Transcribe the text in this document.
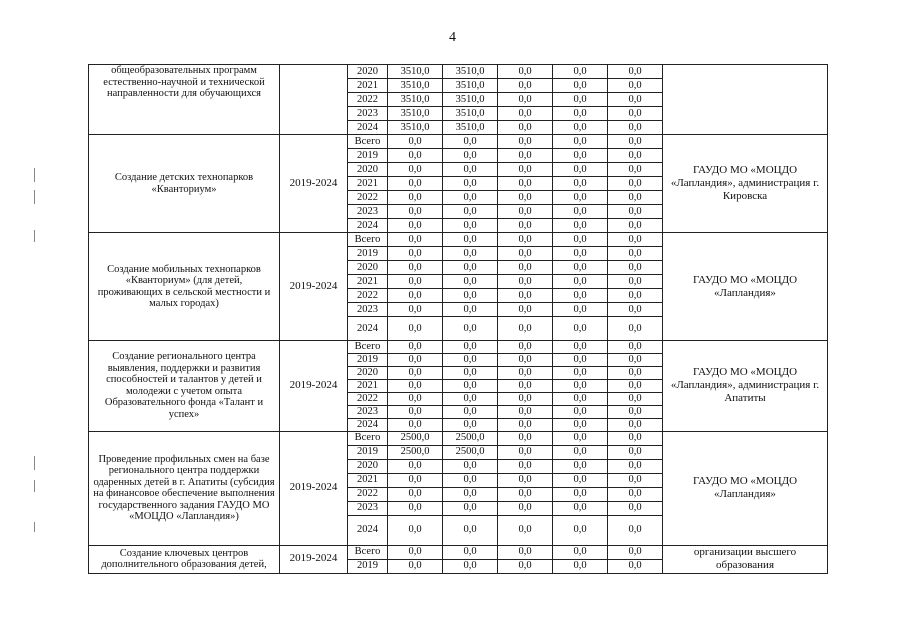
4
общеобразовательных программ естественно-научной и технической направленности для обучающихся		2020	3510,0	3510,0	0,0	0,0	0,0	
		2021	3510,0	3510,0	0,0	0,0	0,0	
		2022	3510,0	3510,0	0,0	0,0	0,0	
		2023	3510,0	3510,0	0,0	0,0	0,0	
		2024	3510,0	3510,0	0,0	0,0	0,0	
Создание детских технопарков «Кванториум»	2019-2024	Всего	0,0	0,0	0,0	0,0	0,0	ГАУДО МО «МОЦДО «Лапландия», администрация г. Кировска
		2019	0,0	0,0	0,0	0,0	0,0	
		2020	0,0	0,0	0,0	0,0	0,0	
		2021	0,0	0,0	0,0	0,0	0,0	
		2022	0,0	0,0	0,0	0,0	0,0	
		2023	0,0	0,0	0,0	0,0	0,0	
		2024	0,0	0,0	0,0	0,0	0,0	
Создание мобильных технопарков «Кванториум» (для детей, проживающих в сельской местности и малых городах)	2019-2024	Всего	0,0	0,0	0,0	0,0	0,0	ГАУДО МО «МОЦДО «Лапландия»
		2019	0,0	0,0	0,0	0,0	0,0	
		2020	0,0	0,0	0,0	0,0	0,0	
		2021	0,0	0,0	0,0	0,0	0,0	
		2022	0,0	0,0	0,0	0,0	0,0	
		2023	0,0	0,0	0,0	0,0	0,0	
		2024	0,0	0,0	0,0	0,0	0,0	
Создание регионального центра выявления, поддержки и развития способностей и талантов у детей и молодежи с учетом опыта Образовательного фонда «Талант и успех»	2019-2024	Всего	0,0	0,0	0,0	0,0	0,0	ГАУДО МО «МОЦДО «Лапландия», администрация г. Апатиты
		2019	0,0	0,0	0,0	0,0	0,0	
		2020	0,0	0,0	0,0	0,0	0,0	
		2021	0,0	0,0	0,0	0,0	0,0	
		2022	0,0	0,0	0,0	0,0	0,0	
		2023	0,0	0,0	0,0	0,0	0,0	
		2024	0,0	0,0	0,0	0,0	0,0	
Проведение профильных смен на базе регионального центра поддержки одаренных детей в г. Апатиты (субсидия на финансовое обеспечение выполнения государственного задания ГАУДО МО «МОЦДО «Лапландия»)	2019-2024	Всего	2500,0	2500,0	0,0	0,0	0,0	ГАУДО МО «МОЦДО «Лапландия»
		2019	2500,0	2500,0	0,0	0,0	0,0	
		2020	0,0	0,0	0,0	0,0	0,0	
		2021	0,0	0,0	0,0	0,0	0,0	
		2022	0,0	0,0	0,0	0,0	0,0	
		2023	0,0	0,0	0,0	0,0	0,0	
		2024	0,0	0,0	0,0	0,0	0,0	
Создание ключевых центров дополнительного образования детей,	2019-2024	Всего	0,0	0,0	0,0	0,0	0,0	организации высшего образования
		2019	0,0	0,0	0,0	0,0	0,0	
